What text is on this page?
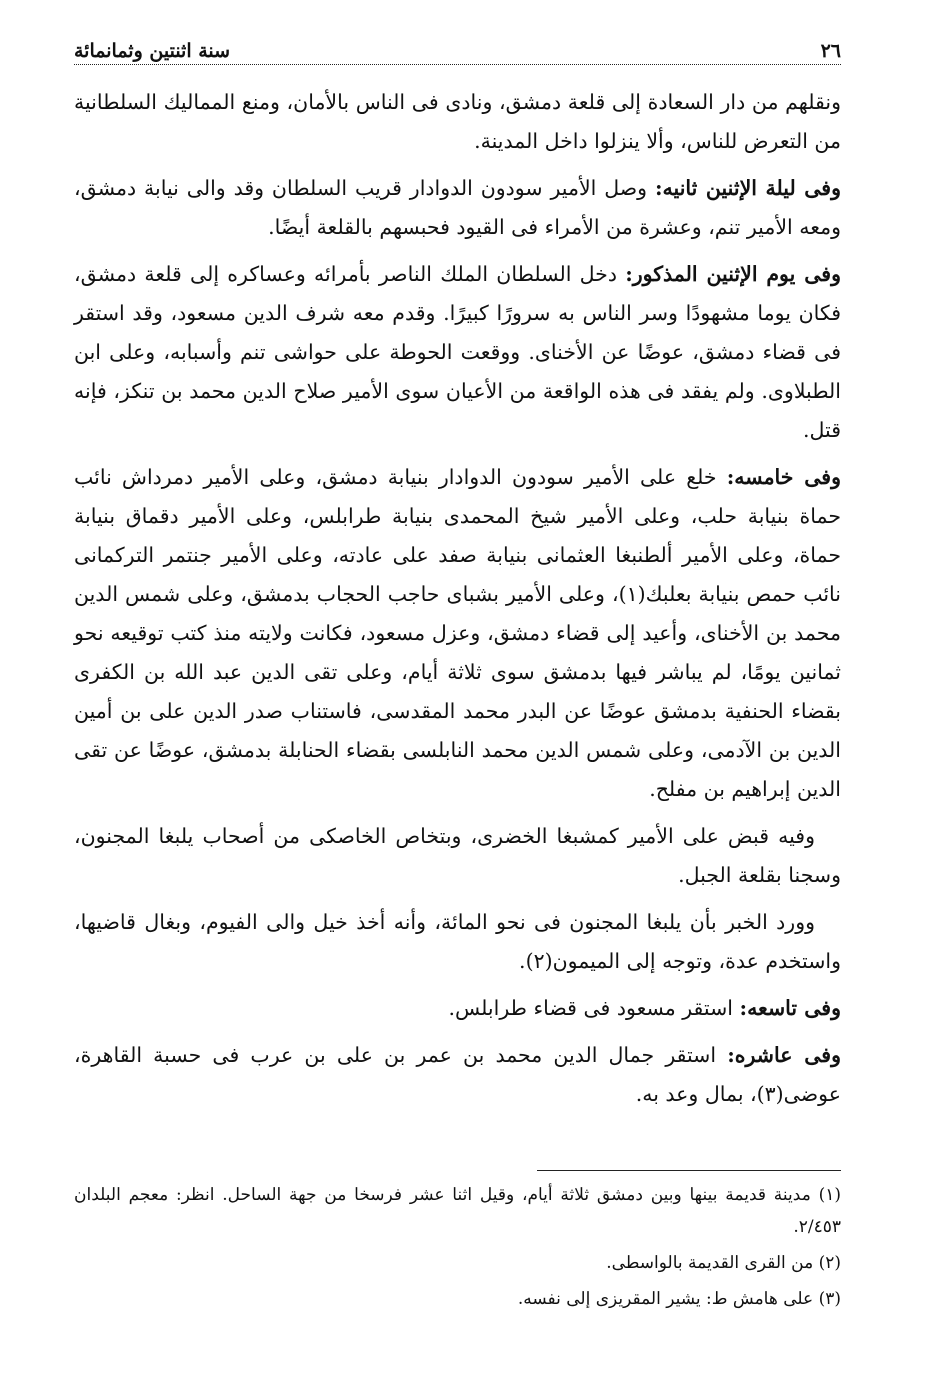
٢٦
سنة اثنتين وثمانمائة

ونقلهم من دار السعادة إلى قلعة دمشق، ونادى فى الناس بالأمان، ومنع المماليك السلطانية من التعرض للناس، وألا ينزلوا داخل المدينة.

وفى ليلة الإثنين ثانيه: وصل الأمير سودون الدوادار قريب السلطان وقد والى نيابة دمشق، ومعه الأمير تنم، وعشرة من الأمراء فى القيود فحبسهم بالقلعة أيضًا.

وفى يوم الإثنين المذكور: دخل السلطان الملك الناصر بأمرائه وعساكره إلى قلعة دمشق، فكان يوما مشهودًا وسر الناس به سرورًا كبيرًا. وقدم معه شرف الدين مسعود، وقد استقر فى قضاء دمشق، عوضًا عن الأخناى. ووقعت الحوطة على حواشى تنم وأسبابه، وعلى ابن الطبلاوى. ولم يفقد فى هذه الواقعة من الأعيان سوى الأمير صلاح الدين محمد بن تنكز، فإنه قتل.

وفى خامسه: خلع على الأمير سودون الدوادار بنيابة دمشق، وعلى الأمير دمرداش نائب حماة بنيابة حلب، وعلى الأمير شيخ المحمدى بنيابة طرابلس، وعلى الأمير دقماق بنيابة حماة، وعلى الأمير ألطنبغا العثمانى بنيابة صفد على عادته، وعلى الأمير جنتمر التركمانى نائب حمص بنيابة بعلبك(١)، وعلى الأمير بشباى حاجب الحجاب بدمشق، وعلى شمس الدين محمد بن الأخناى، وأعيد إلى قضاء دمشق، وعزل مسعود، فكانت ولايته منذ كتب توقيعه نحو ثمانين يومًا، لم يباشر فيها بدمشق سوى ثلاثة أيام، وعلى تقى الدين عبد الله بن الكفرى بقضاء الحنفية بدمشق عوضًا عن البدر محمد المقدسى، فاستناب صدر الدين على بن أمين الدين بن الآدمى، وعلى شمس الدين محمد النابلسى بقضاء الحنابلة بدمشق، عوضًا عن تقى الدين إبراهيم بن مفلح.

وفيه قبض على الأمير كمشبغا الخضرى، وبتخاص الخاصكى من أصحاب يلبغا المجنون، وسجنا بقلعة الجبل.

وورد الخبر بأن يلبغا المجنون فى نحو المائة، وأنه أخذ خيل والى الفيوم، وبغال قاضيها، واستخدم عدة، وتوجه إلى الميمون(٢).

وفى تاسعه: استقر مسعود فى قضاء طرابلس.

وفى عاشره: استقر جمال الدين محمد بن عمر بن على بن عرب فى حسبة القاهرة، عوضى(٣)، بمال وعد به.

(١) مدينة قديمة بينها وبين دمشق ثلاثة أيام، وقيل اثنا عشر فرسخا من جهة الساحل. انظر: معجم البلدان ٢/٤٥٣.

(٢) من القرى القديمة بالواسطى.

(٣) على هامش ط: يشير المقريزى إلى نفسه.
